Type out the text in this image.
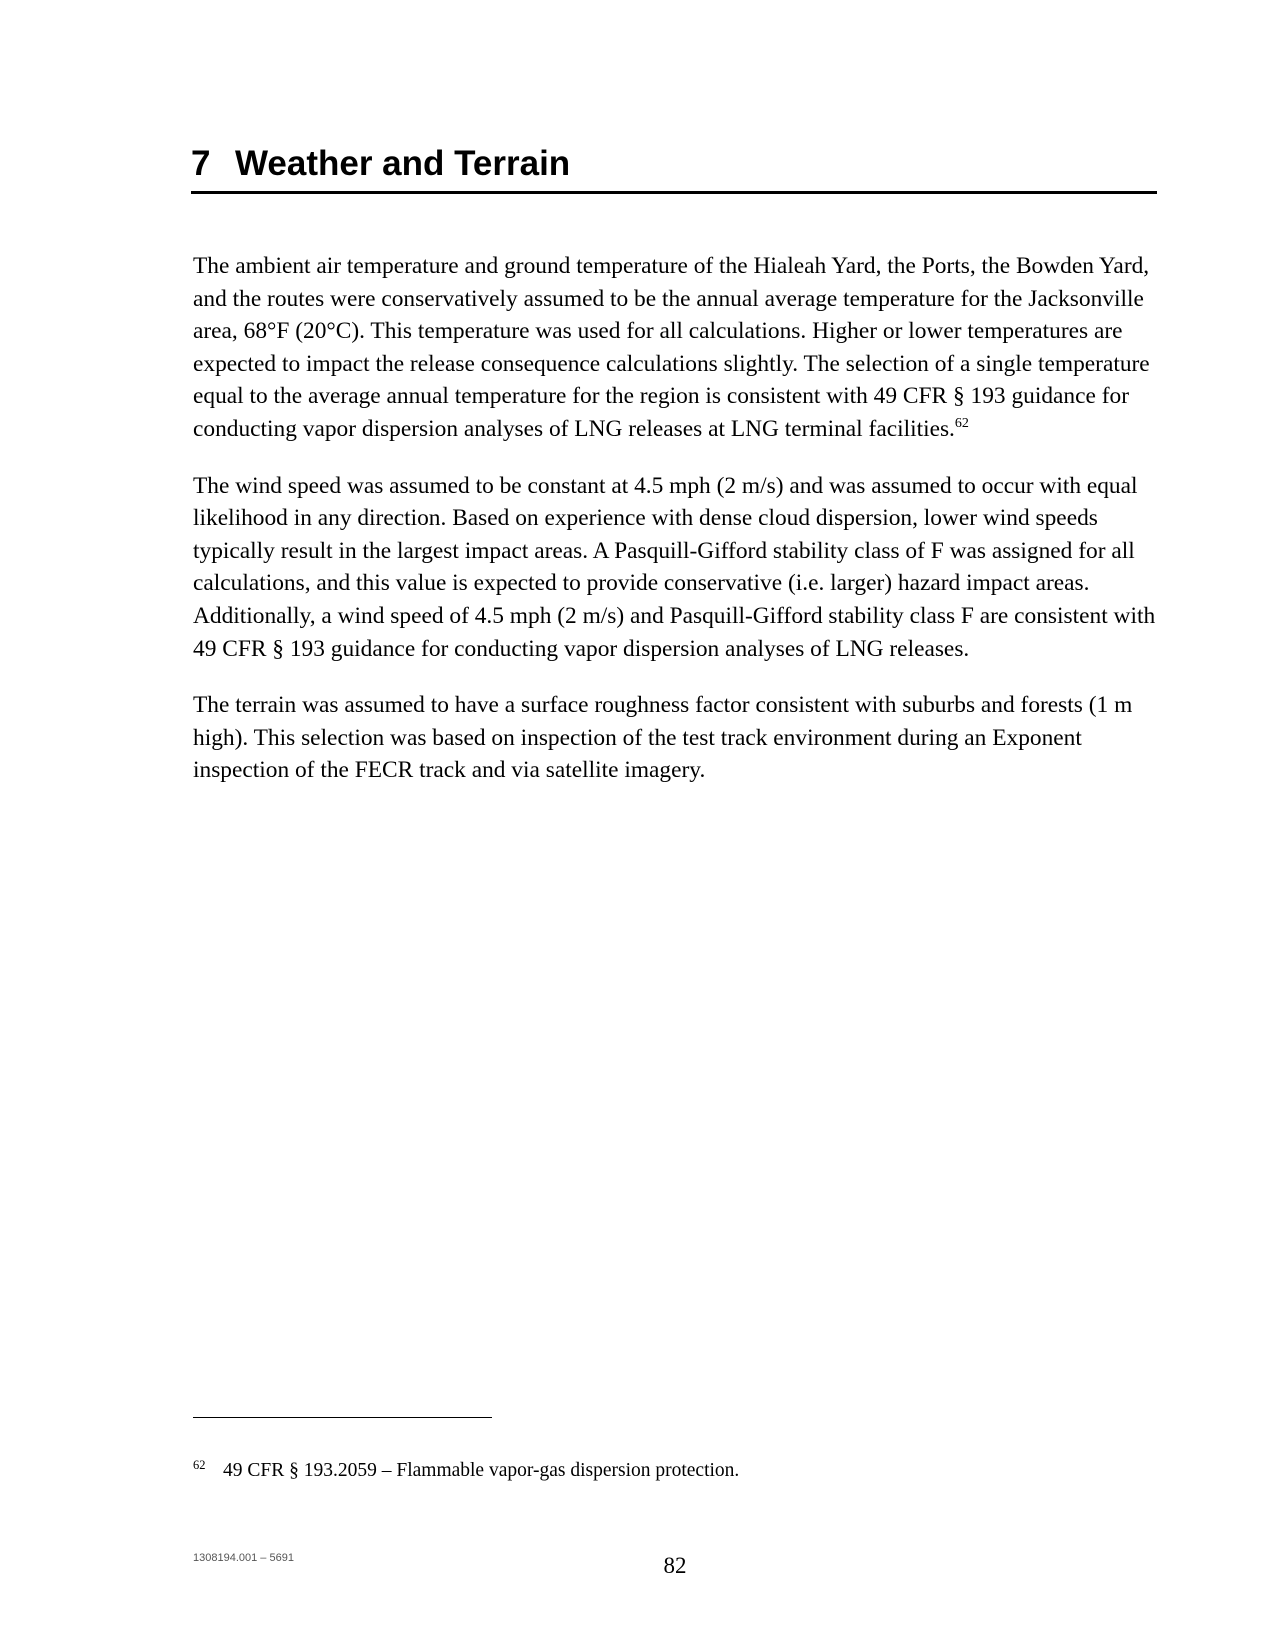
7 Weather and Terrain

The ambient air temperature and ground temperature of the Hialeah Yard, the Ports, the Bowden Yard, and the routes were conservatively assumed to be the annual average temperature for the Jacksonville area, 68°F (20°C). This temperature was used for all calculations. Higher or lower temperatures are expected to impact the release consequence calculations slightly. The selection of a single temperature equal to the average annual temperature for the region is consistent with 49 CFR § 193 guidance for conducting vapor dispersion analyses of LNG releases at LNG terminal facilities.$^{62}$

The wind speed was assumed to be constant at 4.5 mph (2 m/s) and was assumed to occur with equal likelihood in any direction. Based on experience with dense cloud dispersion, lower wind speeds typically result in the largest impact areas. A Pasquill-Gifford stability class of F was assigned for all calculations, and this value is expected to provide conservative (i.e. larger) hazard impact areas. Additionally, a wind speed of 4.5 mph (2 m/s) and Pasquill-Gifford stability class F are consistent with 49 CFR § 193 guidance for conducting vapor dispersion analyses of LNG releases.

The terrain was assumed to have a surface roughness factor consistent with suburbs and forests (1 m high). This selection was based on inspection of the test track environment during an Exponent inspection of the FECR track and via satellite imagery.

62 49 CFR § 193.2059 – Flammable vapor-gas dispersion protection.
1308194.001 – 5691	82
